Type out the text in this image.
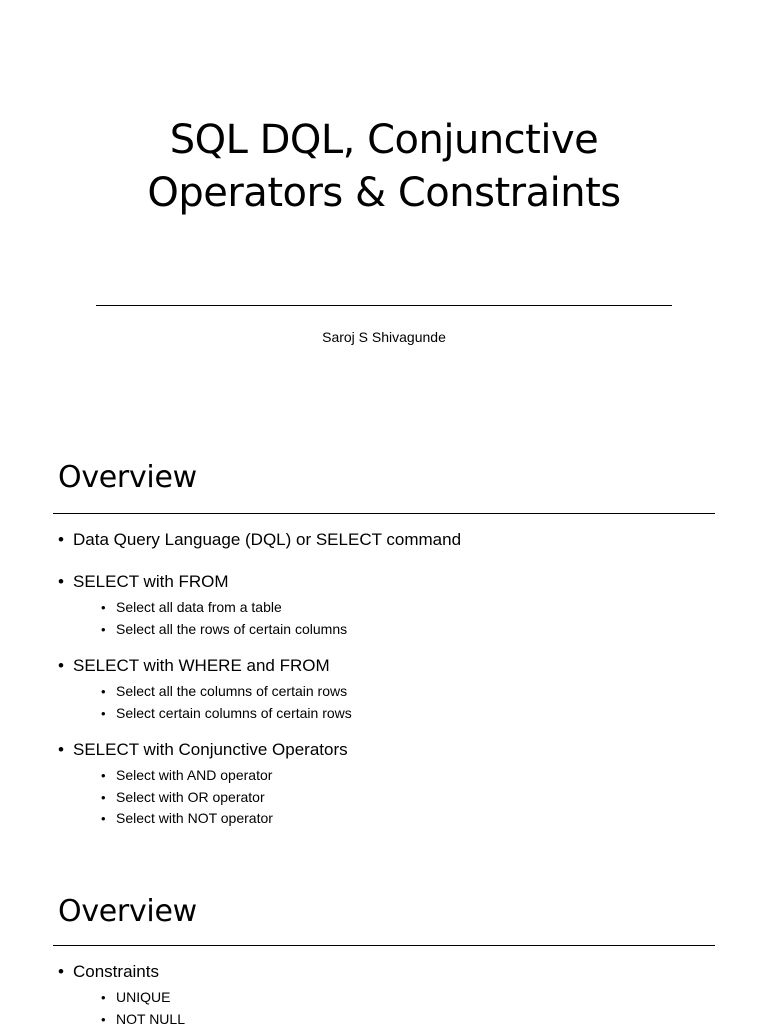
SQL DQL, Conjunctive
Operators & Constraints
Saroj S Shivagunde
Overview
• Data Query Language (DQL) or SELECT command
• SELECT with FROM
• Select all data from a table
• Select all the rows of certain columns
• SELECT with WHERE and FROM
• Select all the columns of certain rows
• Select certain columns of certain rows
• SELECT with Conjunctive Operators
• Select with AND operator
• Select with OR operator
• Select with NOT operator
Overview
• Constraints
• UNIQUE
• NOT NULL
